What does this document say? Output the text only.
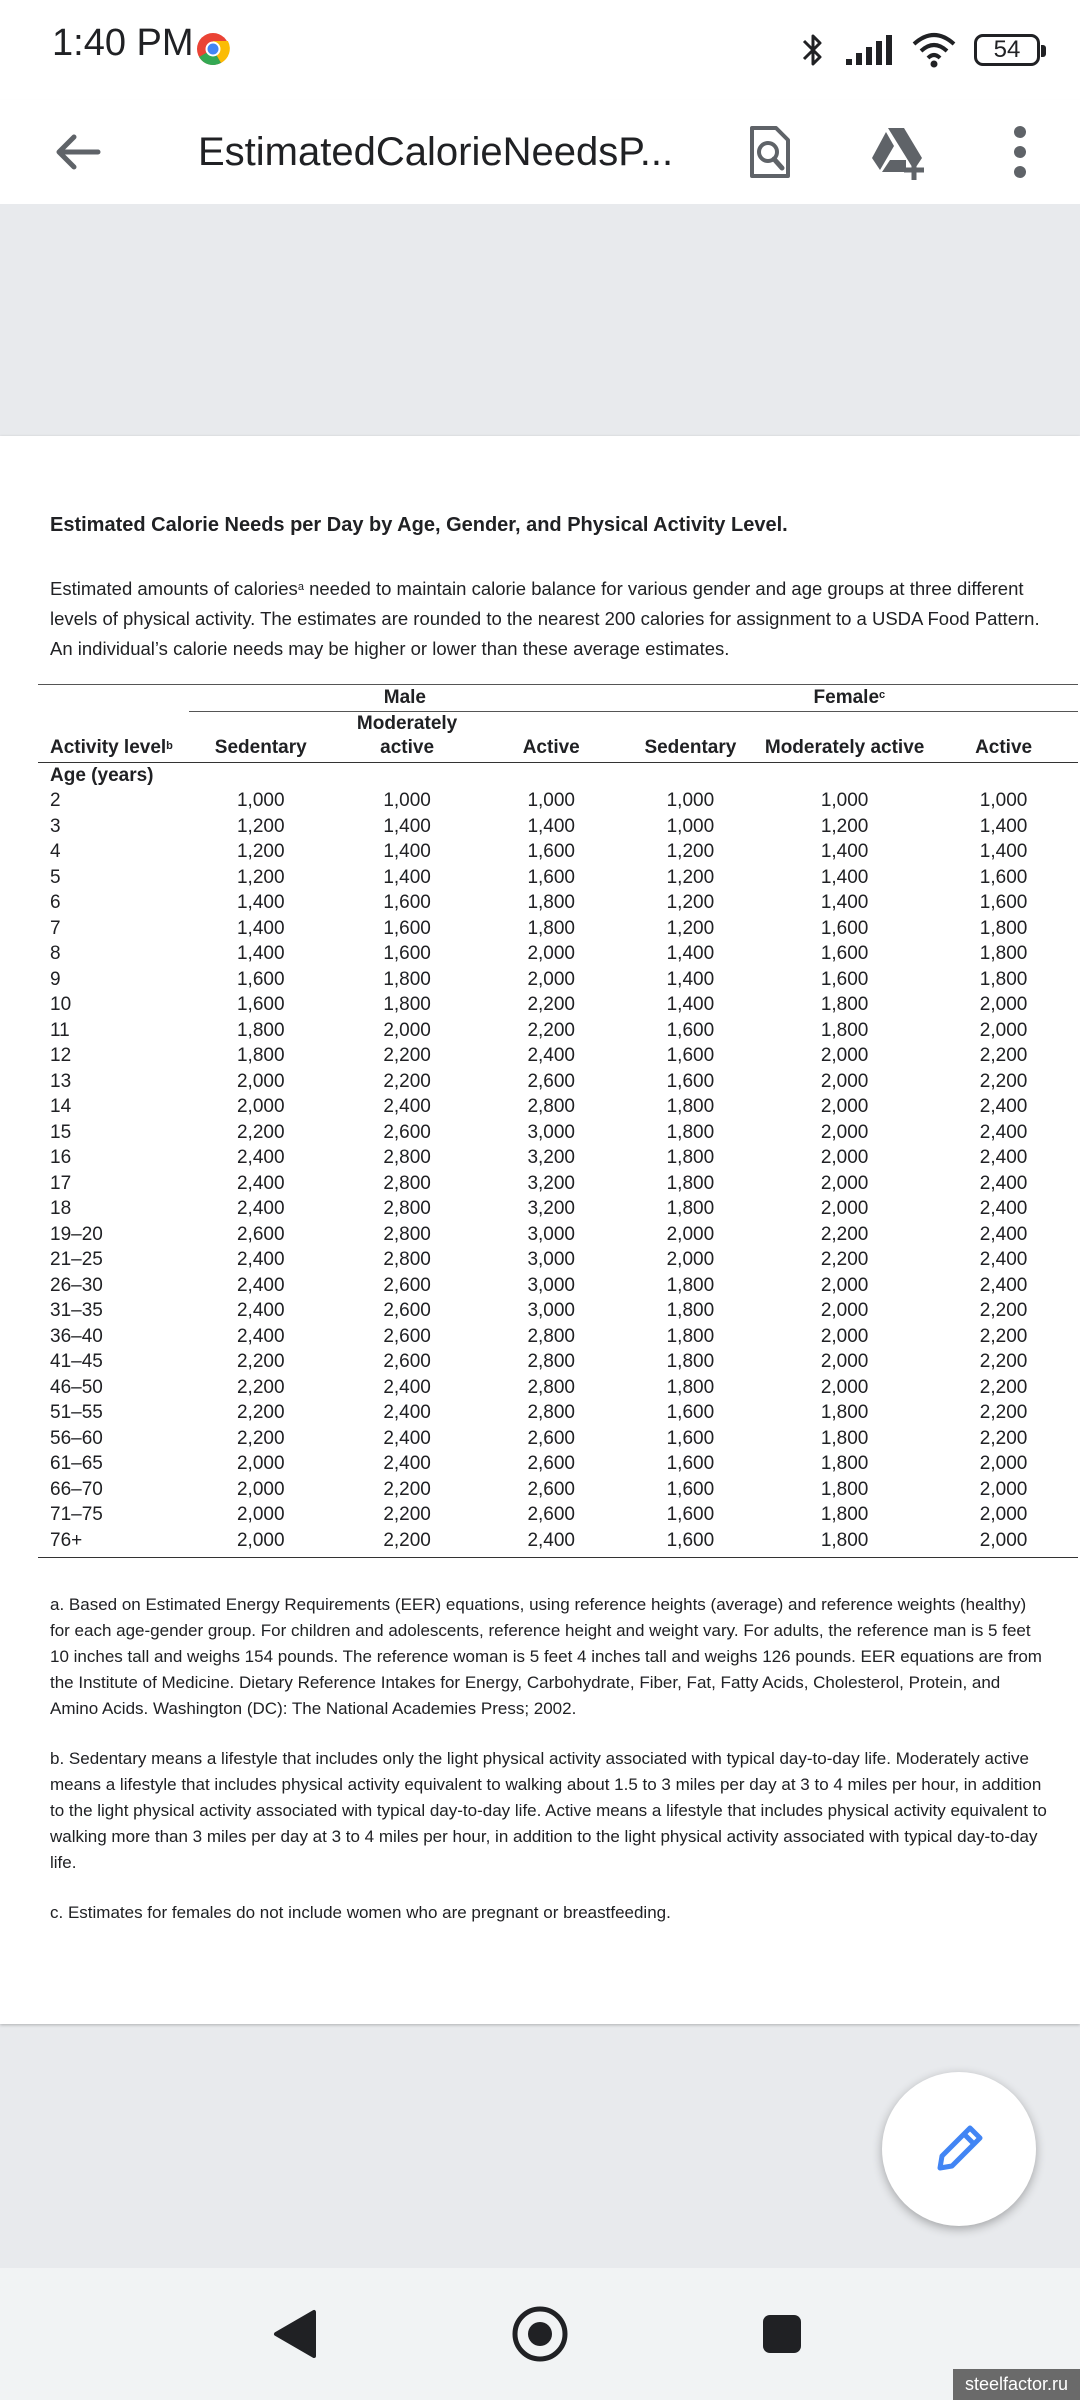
1:40 PM	54
EstimatedCalorieNeedsP...
Estimated Calorie Needs per Day by Age, Gender, and Physical Activity Level.
Estimated amounts of calories$^a$ needed to maintain calorie balance for various gender and age groups at three different levels of physical activity. The estimates are rounded to the nearest 200 calories for assignment to a USDA Food Pattern. An individual’s calorie needs may be higher or lower than these average estimates.
	Male			Female$^c$
Activity level$^b$	Sedentary	Moderately active	Active	Sedentary	Moderately active	Active
Age (years)						
2	1,000	1,000	1,000	1,000	1,000	1,000
3	1,200	1,400	1,400	1,000	1,200	1,400
4	1,200	1,400	1,600	1,200	1,400	1,400
5	1,200	1,400	1,600	1,200	1,400	1,600
6	1,400	1,600	1,800	1,200	1,400	1,600
7	1,400	1,600	1,800	1,200	1,600	1,800
8	1,400	1,600	2,000	1,400	1,600	1,800
9	1,600	1,800	2,000	1,400	1,600	1,800
10	1,600	1,800	2,200	1,400	1,800	2,000
11	1,800	2,000	2,200	1,600	1,800	2,000
12	1,800	2,200	2,400	1,600	2,000	2,200
13	2,000	2,200	2,600	1,600	2,000	2,200
14	2,000	2,400	2,800	1,800	2,000	2,400
15	2,200	2,600	3,000	1,800	2,000	2,400
16	2,400	2,800	3,200	1,800	2,000	2,400
17	2,400	2,800	3,200	1,800	2,000	2,400
18	2,400	2,800	3,200	1,800	2,000	2,400
19–20	2,600	2,800	3,000	2,000	2,200	2,400
21–25	2,400	2,800	3,000	2,000	2,200	2,400
26–30	2,400	2,600	3,000	1,800	2,000	2,400
31–35	2,400	2,600	3,000	1,800	2,000	2,200
36–40	2,400	2,600	2,800	1,800	2,000	2,200
41–45	2,200	2,600	2,800	1,800	2,000	2,200
46–50	2,200	2,400	2,800	1,800	2,000	2,200
51–55	2,200	2,400	2,800	1,600	1,800	2,200
56–60	2,200	2,400	2,600	1,600	1,800	2,200
61–65	2,000	2,400	2,600	1,600	1,800	2,000
66–70	2,000	2,200	2,600	1,600	1,800	2,000
71–75	2,000	2,200	2,600	1,600	1,800	2,000
76+	2,000	2,200	2,400	1,600	1,800	2,000

a. Based on Estimated Energy Requirements (EER) equations, using reference heights (average) and reference weights (healthy) for each age-gender group. For children and adolescents, reference height and weight vary. For adults, the reference man is 5 feet 10 inches tall and weighs 154 pounds. The reference woman is 5 feet 4 inches tall and weighs 126 pounds. EER equations are from the Institute of Medicine. Dietary Reference Intakes for Energy, Carbohydrate, Fiber, Fat, Fatty Acids, Cholesterol, Protein, and Amino Acids. Washington (DC): The National Academies Press; 2002.

b. Sedentary means a lifestyle that includes only the light physical activity associated with typical day-to-day life. Moderately active means a lifestyle that includes physical activity equivalent to walking about 1.5 to 3 miles per day at 3 to 4 miles per hour, in addition to the light physical activity associated with typical day-to-day life. Active means a lifestyle that includes physical activity equivalent to walking more than 3 miles per day at 3 to 4 miles per hour, in addition to the light physical activity associated with typical day-to-day life.

c. Estimates for females do not include women who are pregnant or breastfeeding.

steelfactor.ru
